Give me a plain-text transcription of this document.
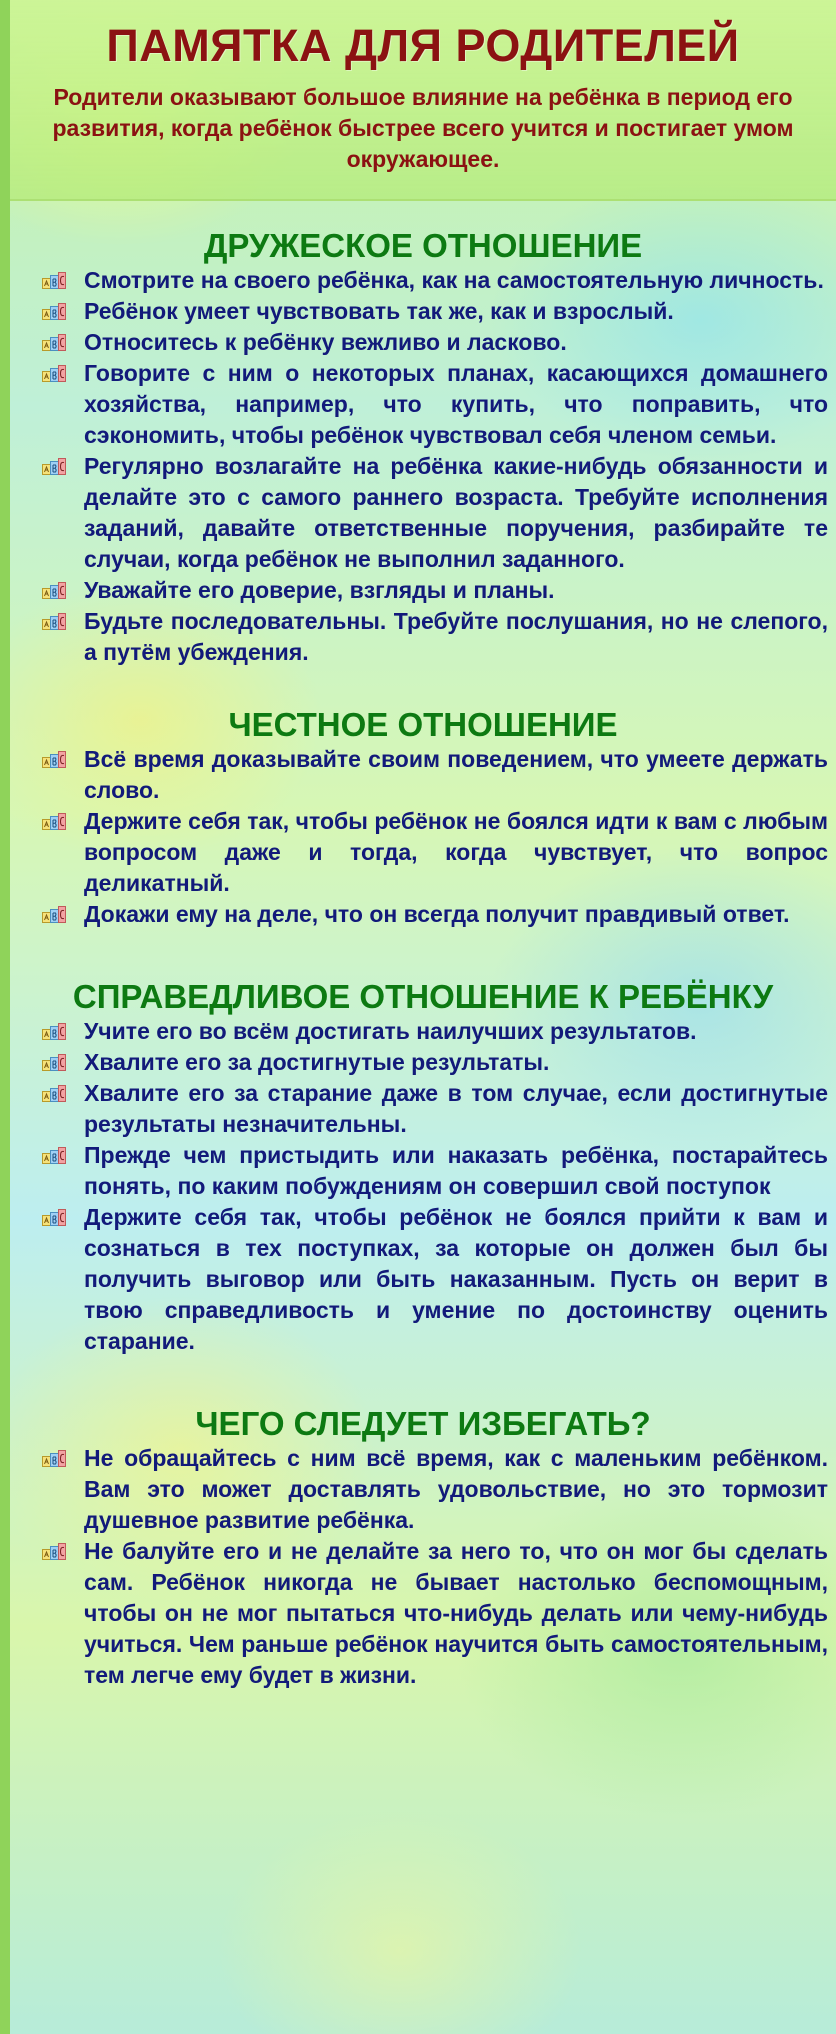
ПАМЯТКА ДЛЯ РОДИТЕЛЕЙ

Родители оказывают большое влияние на ребёнка в период его развития, когда ребёнок быстрее всего учится и постигает умом окружающее.

ДРУЖЕСКОЕ ОТНОШЕНИЕ
Смотрите на своего ребёнка, как на самостоятельную личность.
Ребёнок умеет чувствовать так же, как и взрослый.
Относитесь к ребёнку вежливо и ласково.
Говорите с ним о некоторых планах, касающихся домашнего хозяйства, например, что купить, что поправить, что сэкономить, чтобы ребёнок чувствовал себя членом семьи.
Регулярно возлагайте на ребёнка какие-нибудь обязанности и делайте это с самого раннего возраста. Требуйте исполнения заданий, давайте ответственные поручения, разбирайте те случаи, когда ребёнок не выполнил заданного.
Уважайте его доверие, взгляды и планы.
Будьте последовательны. Требуйте послушания, но не слепого, а путём убеждения.
ЧЕСТНОЕ ОТНОШЕНИЕ
Всё время доказывайте своим поведением, что умеете держать слово.
Держите себя так, чтобы ребёнок не боялся идти к вам с любым вопросом даже и тогда, когда чувствует, что вопрос деликатный.
Докажи ему на деле, что он всегда получит правдивый ответ.
СПРАВЕДЛИВОЕ ОТНОШЕНИЕ К РЕБЁНКУ
Учите его во всём достигать наилучших результатов.
Хвалите его за достигнутые результаты.
Хвалите его за старание даже в том случае, если достигнутые результаты незначительны.
Прежде чем пристыдить или наказать ребёнка, постарайтесь понять, по каким побуждениям он совершил свой поступок
Держите себя так, чтобы ребёнок не боялся прийти к вам и сознаться в тех поступках, за которые он должен был бы получить выговор или быть наказанным. Пусть он верит в твою справедливость и умение по достоинству оценить старание.
ЧЕГО СЛЕДУЕТ ИЗБЕГАТЬ?
Не обращайтесь с ним всё время, как с маленьким ребёнком. Вам это может доставлять удовольствие, но это тормозит душевное развитие ребёнка.
Не балуйте его и не делайте за него то, что он мог бы сделать сам. Ребёнок никогда не бывает настолько беспомощным, чтобы он не мог пытаться что-нибудь делать или чему-нибудь учиться. Чем раньше ребёнок научится быть самостоятельным, тем легче ему будет в жизни.
